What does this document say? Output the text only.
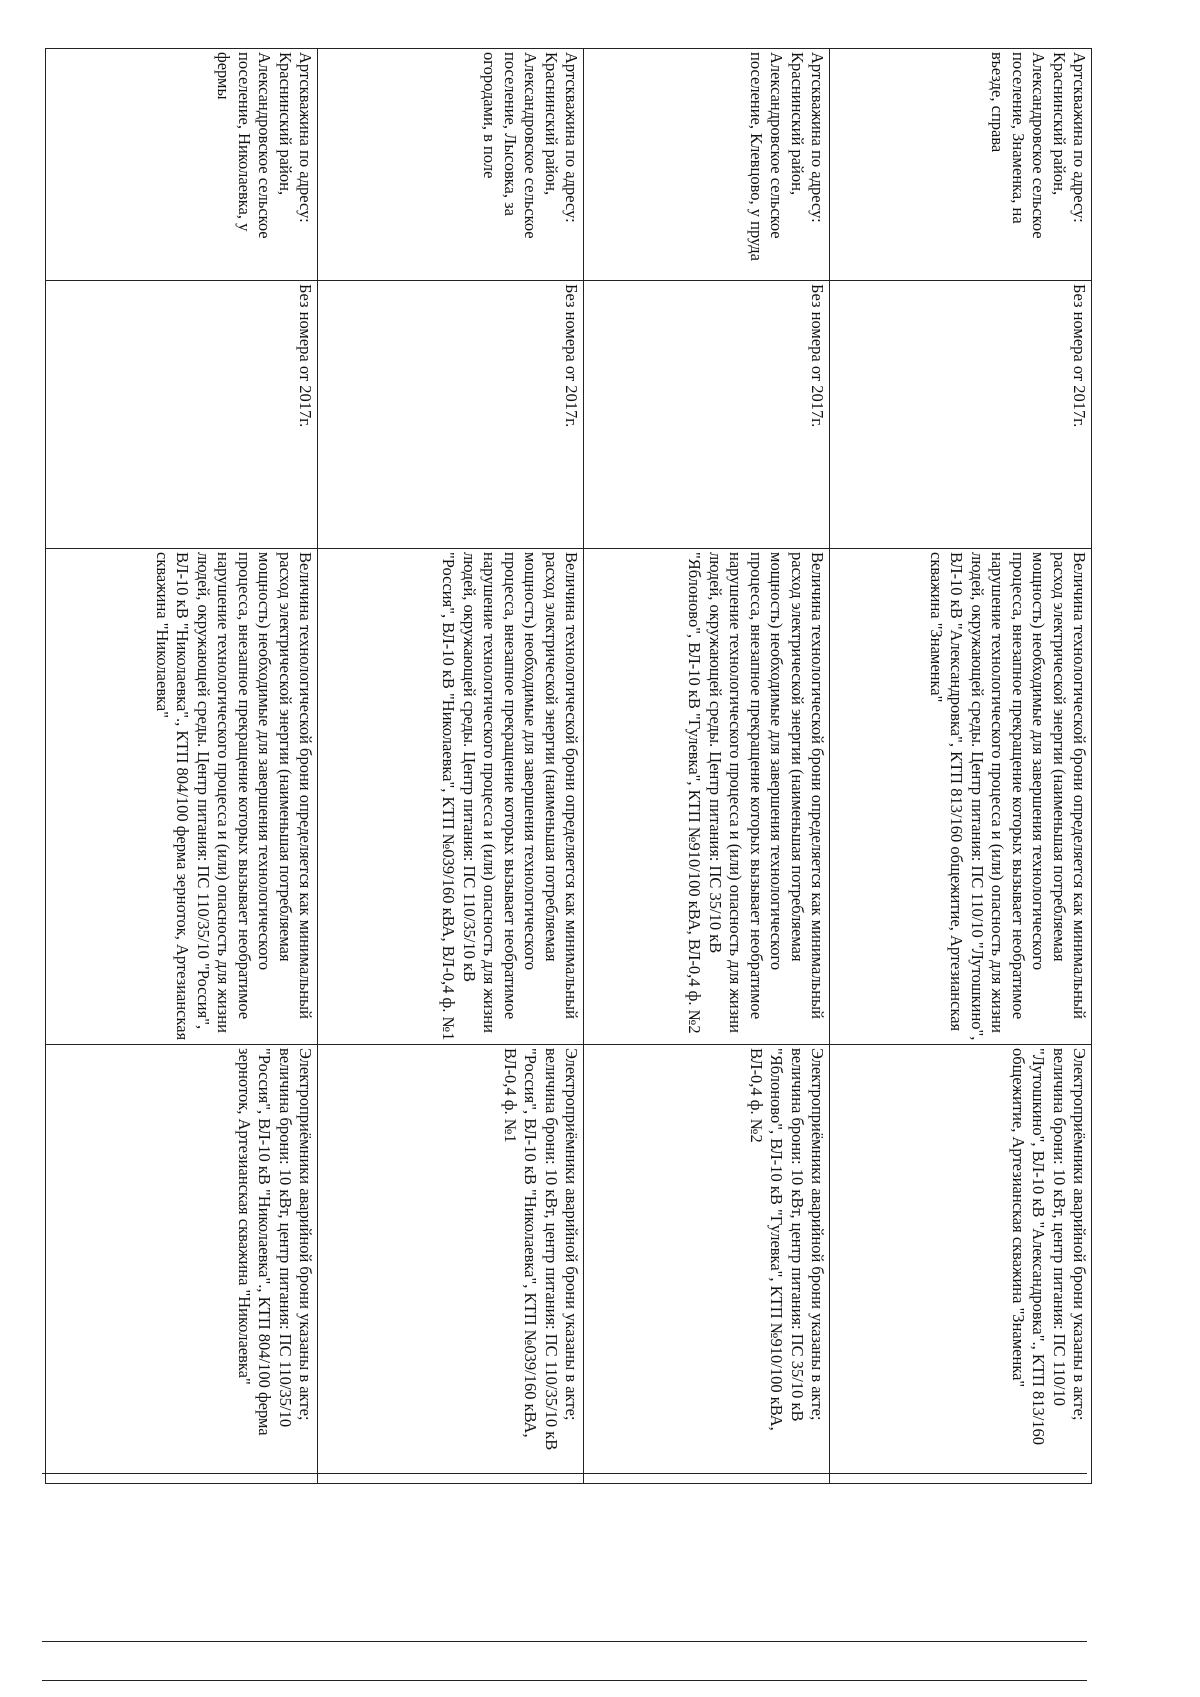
Артскважина по адресу: Краснинский район, Александровское сельское поселение, Знаменка, на въезде, справа	Без номера от 2017г.	Величина технологической брони определяется как минимальный расход электрической энергии (наименьшая потребляемая мощность) необходимые для завершения технологического процесса, внезапное прекращение которых вызывает необратимое нарушение технологического процесса и (или) опасность для жизни людей, окружающей среды. Центр питания: ПС 110/10 "Лутошкино", ВЛ-10 кВ "Александровка", КТП 813/160 общежитие, Артезианская скважина "Знаменка"	Электроприёмники аварийной брони указаны в акте; величина брони: 10 кВт, центр питания: ПС 110/10 "Лутошкино", ВЛ-10 кВ "Александровка"., КТП 813/160 общежитие, Артезианская скважина "Знаменка"

Артскважина по адресу: Краснинский район, Александровское сельское поселение, Клевцово, у пруда	Без номера от 2017г.	Величина технологической брони определяется как минимальный расход электрической энергии (наименьшая потребляемая мощность) необходимые для завершения технологического процесса, внезапное прекращение которых вызывает необратимое нарушение технологического процесса и (или) опасность для жизни людей, окружающей среды. Центр питания: ПС 35/10 кВ "Яблоново", ВЛ-10 кВ "Гулевка", КТП №910/100 кВА, ВЛ-0,4 ф. №2	Электроприёмники аварийной брони указаны в акте; величина брони: 10 кВт, центр питания: ПС 35/10 кВ "Яблоново", ВЛ-10 кВ "Гулевка", КТП №910/100 кВА, ВЛ-0,4 ф. №2

Артскважина по адресу: Краснинский район, Александровское сельское поселение, Лысовка, за огородами, в поле	Без номера от 2017г.	Величина технологической брони определяется как минимальный расход электрической энергии (наименьшая потребляемая мощность) необходимые для завершения технологического процесса, внезапное прекращение которых вызывает необратимое нарушение технологического процесса и (или) опасность для жизни людей, окружающей среды. Центр питания: ПС 110/35/10 кВ "Россия", ВЛ-10 кВ "Николаевка", КТП №039/160 кВА, ВЛ-0,4 ф. №1	Электроприёмники аварийной брони указаны в акте; величина брони: 10 кВт, центр питания: ПС 110/35/10 кВ "Россия", ВЛ-10 кВ "Николаевка", КТП №039/160 кВА, ВЛ-0,4 ф. №1

Артскважина по адресу: Краснинский район, Александровское сельское поселение, Николаевка, у фермы	Без номера от 2017г.	Величина технологической брони определяется как минимальный расход электрической энергии (наименьшая потребляемая мощность) необходимые для завершения технологического процесса, внезапное прекращение которых вызывает необратимое нарушение технологического процесса и (или) опасность для жизни людей, окружающей среды. Центр питания: ПС 110/35/10 "Россия", ВЛ-10 кВ "Николаевка"., КТП 804/100 ферма зерноток, Артезианская скважина "Николаевка"	Электроприёмники аварийной брони указаны в акте; величина брони: 10 кВт, центр питания: ПС 110/35/10 "Россия", ВЛ-10 кВ "Николаевка"., КТП 804/100 ферма зерноток, Артезианская скважина "Николаевка"
